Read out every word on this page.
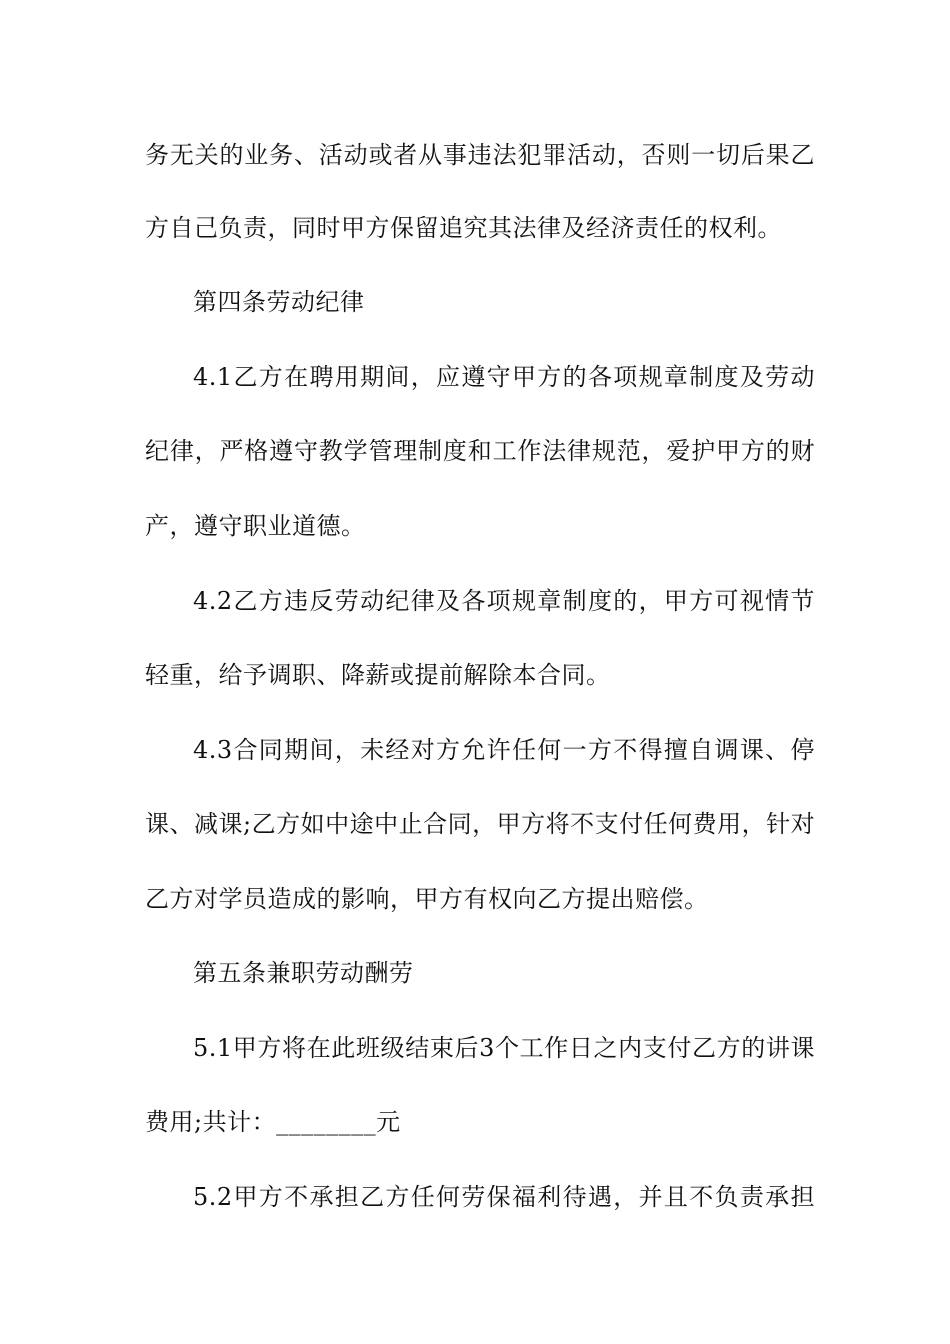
务无关的业务、活动或者从事违法犯罪活动，否则一切后果乙
方自己负责，同时甲方保留追究其法律及经济责任的权利。
第四条劳动纪律
4.1乙方在聘用期间，应遵守甲方的各项规章制度及劳动
纪律，严格遵守教学管理制度和工作法律规范，爱护甲方的财
产，遵守职业道德。
4.2乙方违反劳动纪律及各项规章制度的，甲方可视情节
轻重，给予调职、降薪或提前解除本合同。
4.3合同期间，未经对方允许任何一方不得擅自调课、停
课、减课;乙方如中途中止合同，甲方将不支付任何费用，针对
乙方对学员造成的影响，甲方有权向乙方提出赔偿。
第五条兼职劳动酬劳
5.1甲方将在此班级结束后3个工作日之内支付乙方的讲课
费用;共计：________元
5.2甲方不承担乙方任何劳保福利待遇，并且不负责承担
